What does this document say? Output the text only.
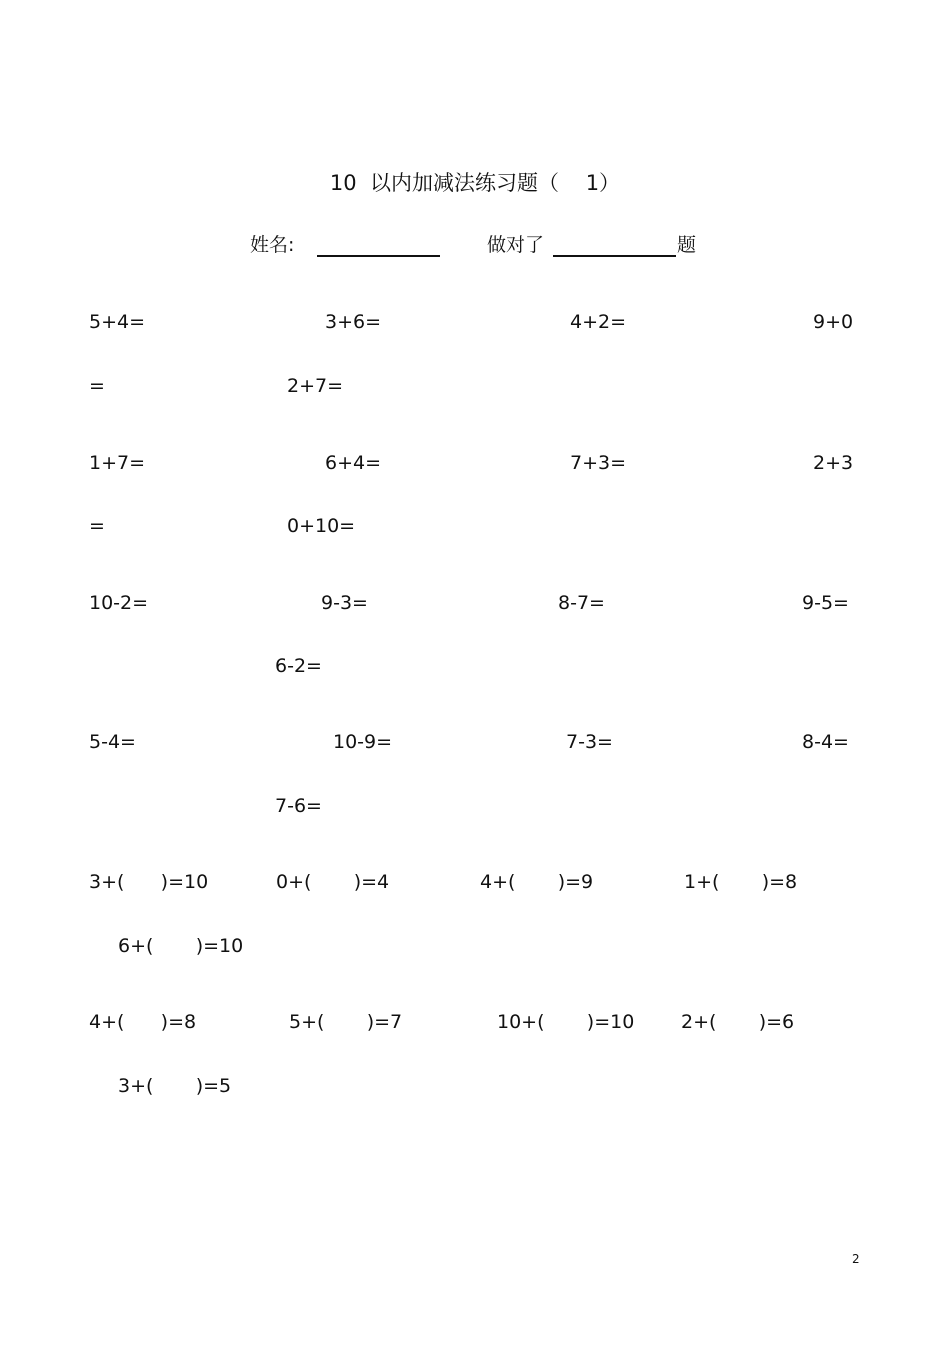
10  以内加减法练习题（    1）
姓名:	做对了	题
5+4=	3+6=	4+2=	9+0
=	2+7=
1+7=	6+4=	7+3=	2+3
=	0+10=
10-2=	9-3=	8-7=	9-5=
6-2=
5-4=	10-9=	7-3=	8-4=
7-6=
3+(      )=10	0+(       )=4	4+(       )=9	1+(       )=8
6+(       )=10
4+(      )=8	5+(       )=7	10+(       )=10 2+(       )=6
3+(       )=5
2
